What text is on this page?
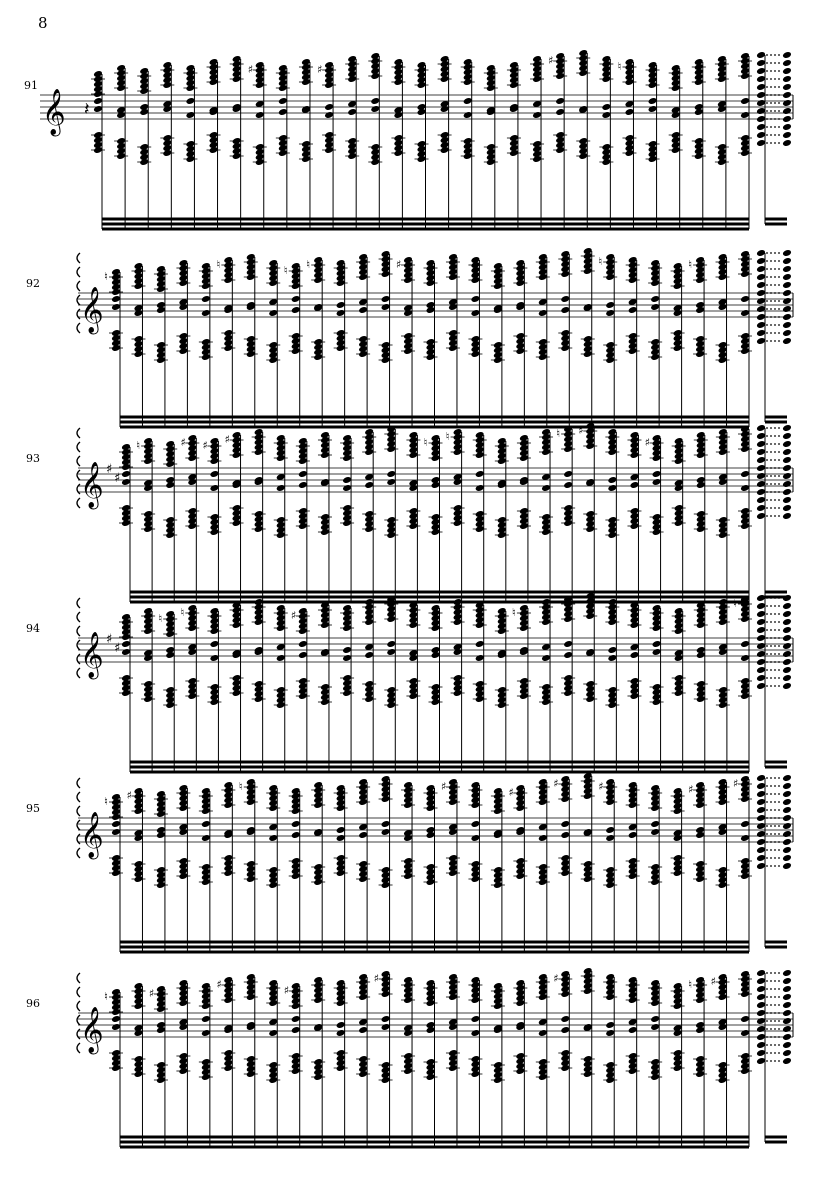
8
91
𝄞 𝄽
♯	♯
♯	♮
92
𝄞
♮
♮	♮ ♮	♯	♮	♮
93
𝄞 ♯
♯
♮	♯ ♯ ♯	♮ ♮	♮ ♯
♯
94
𝄞 ♯
♯
♮ ♮	♯	♮
♮
95
𝄞
♮ ♯
♮	♯	♯
♯	♯	♯	♯
96
𝄞
♮	♯
♯	♯
♯	♯	♮ ♯
